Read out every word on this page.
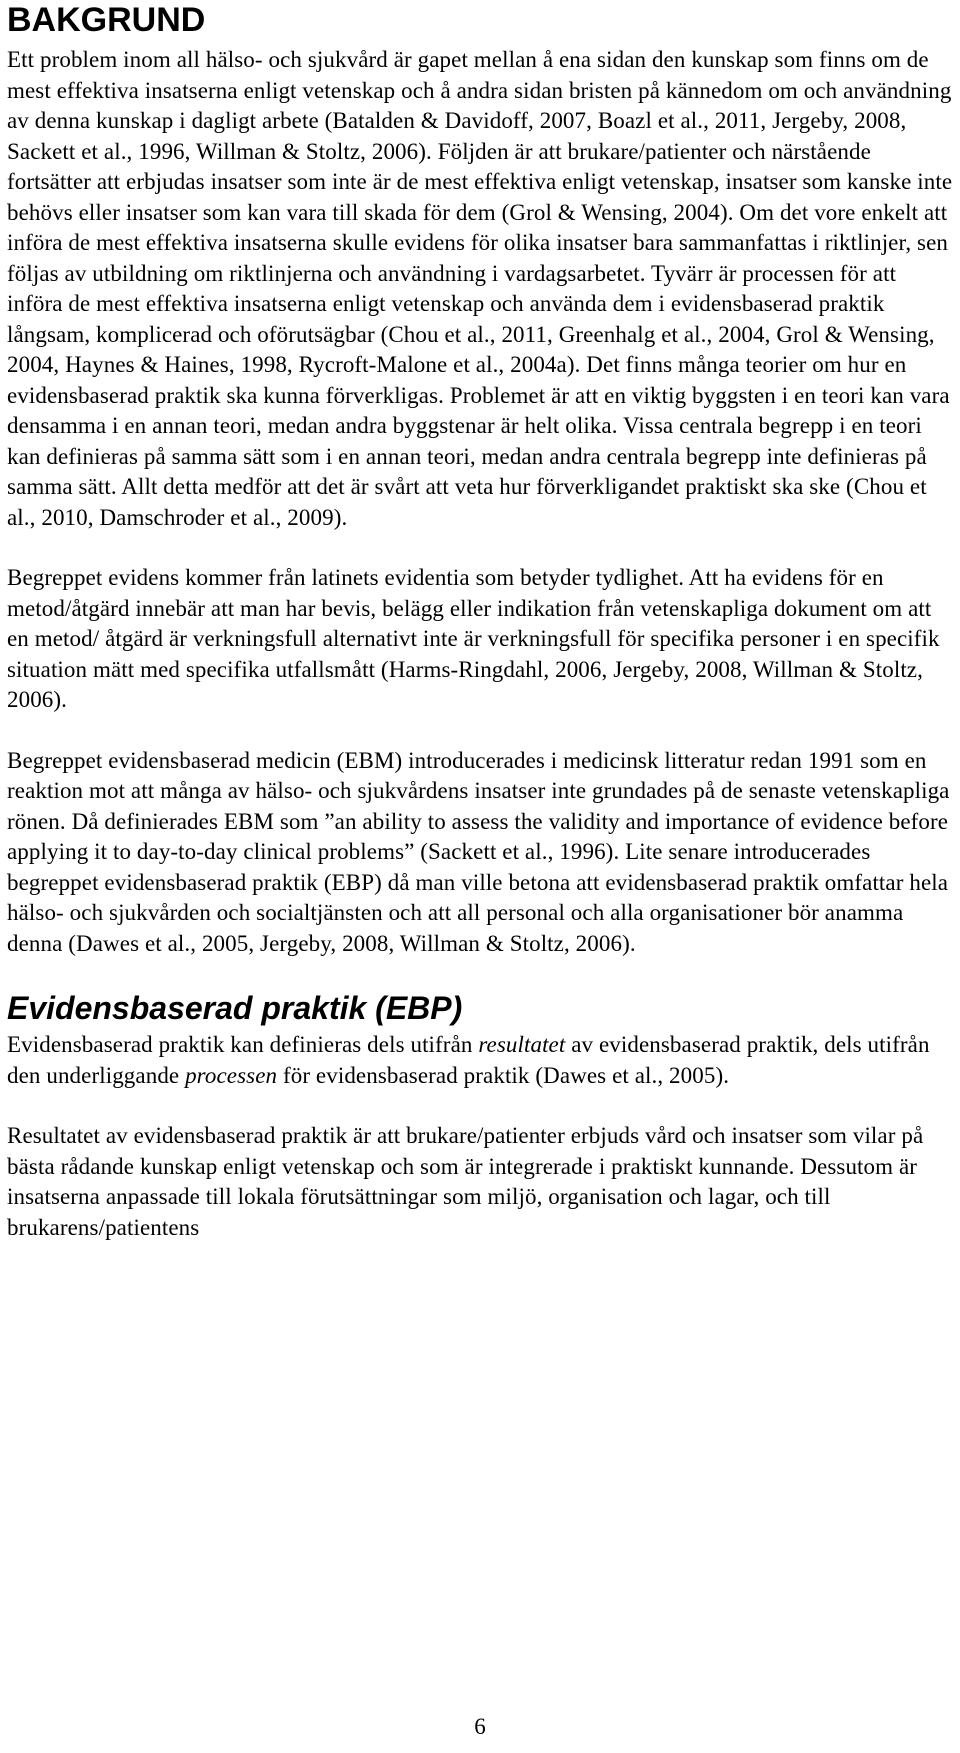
BAKGRUND

Ett problem inom all hälso- och sjukvård är gapet mellan å ena sidan den kunskap som finns om de mest effektiva insatserna enligt vetenskap och å andra sidan bristen på kännedom om och användning av denna kunskap i dagligt arbete (Batalden & Davidoff, 2007, Boazl et al., 2011, Jergeby, 2008, Sackett et al., 1996, Willman & Stoltz, 2006). Följden är att brukare/patienter och närstående fortsätter att erbjudas insatser som inte är de mest effektiva enligt vetenskap, insatser som kanske inte behövs eller insatser som kan vara till skada för dem (Grol & Wensing, 2004). Om det vore enkelt att införa de mest effektiva insatserna skulle evidens för olika insatser bara sammanfattas i riktlinjer, sen följas av utbildning om riktlinjerna och användning i vardagsarbetet. Tyvärr är processen för att införa de mest effektiva insatserna enligt vetenskap och använda dem i evidensbaserad praktik långsam, komplicerad och oförutsägbar (Chou et al., 2011, Greenhalg et al., 2004, Grol & Wensing, 2004, Haynes & Haines, 1998, Rycroft-Malone et al., 2004a). Det finns många teorier om hur en evidensbaserad praktik ska kunna förverkligas. Problemet är att en viktig byggsten i en teori kan vara densamma i en annan teori, medan andra byggstenar är helt olika. Vissa centrala begrepp i en teori kan definieras på samma sätt som i en annan teori, medan andra centrala begrepp inte definieras på samma sätt. Allt detta medför att det är svårt att veta hur förverkligandet praktiskt ska ske (Chou et al., 2010, Damschroder et al., 2009).

Begreppet evidens kommer från latinets evidentia som betyder tydlighet. Att ha evidens för en metod/åtgärd innebär att man har bevis, belägg eller indikation från vetenskapliga dokument om att en metod/ åtgärd är verkningsfull alternativt inte är verkningsfull för specifika personer i en specifik situation mätt med specifika utfallsmått (Harms-Ringdahl, 2006, Jergeby, 2008, Willman & Stoltz, 2006).

Begreppet evidensbaserad medicin (EBM) introducerades i medicinsk litteratur redan 1991 som en reaktion mot att många av hälso- och sjukvårdens insatser inte grundades på de senaste vetenskapliga rönen. Då definierades EBM som ”an ability to assess the validity and importance of evidence before applying it to day-to-day clinical problems” (Sackett et al., 1996). Lite senare introducerades begreppet evidensbaserad praktik (EBP) då man ville betona att evidensbaserad praktik omfattar hela hälso- och sjukvården och socialtjänsten och att all personal och alla organisationer bör anamma denna (Dawes et al., 2005, Jergeby, 2008, Willman & Stoltz, 2006).

Evidensbaserad praktik (EBP)

Evidensbaserad praktik kan definieras dels utifrån resultatet av evidensbaserad praktik, dels utifrån den underliggande processen för evidensbaserad praktik (Dawes et al., 2005).

Resultatet av evidensbaserad praktik är att brukare/patienter erbjuds vård och insatser som vilar på bästa rådande kunskap enligt vetenskap och som är integrerade i praktiskt kunnande. Dessutom är insatserna anpassade till lokala förutsättningar som miljö, organisation och lagar, och till brukarens/patientens

6
